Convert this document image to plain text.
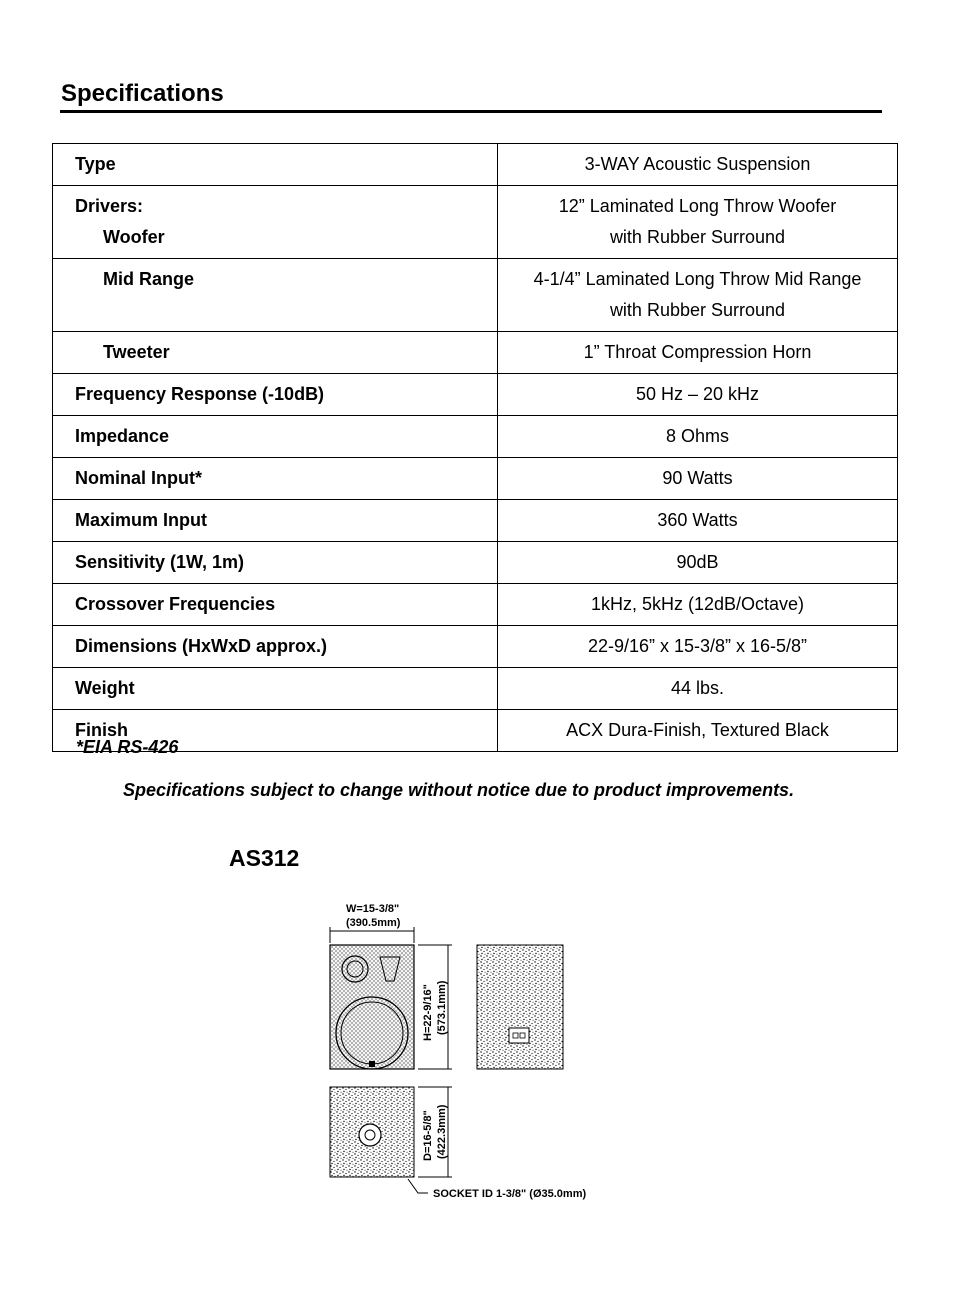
Specifications
Type	3-WAY Acoustic Suspension

Drivers:
Woofer	12” Laminated Long Throw Woofer
with Rubber Surround

Mid Range	4-1/4” Laminated Long Throw Mid Range
with Rubber Surround

Tweeter	1” Throat Compression Horn
Frequency Response (-10dB)	50 Hz – 20 kHz
Impedance	8 Ohms
Nominal Input*	90 Watts
Maximum Input	360 Watts
Sensitivity (1W, 1m)	90dB
Crossover Frequencies	1kHz, 5kHz (12dB/Octave)
Dimensions (HxWxD approx.)	22-9/16” x 15-3/8” x 16-5/8”
Weight	44 lbs.
Finish	ACX Dura-Finish, Textured Black
*EIA RS-426
Specifications subject to change without notice due to product improvements.
AS312
W=15-3/8"
(390.5mm)
H=22-9/16" (573.1mm)
D=16-5/8" (422.3mm)
SOCKET ID 1-3/8" (Ø35.0mm)
